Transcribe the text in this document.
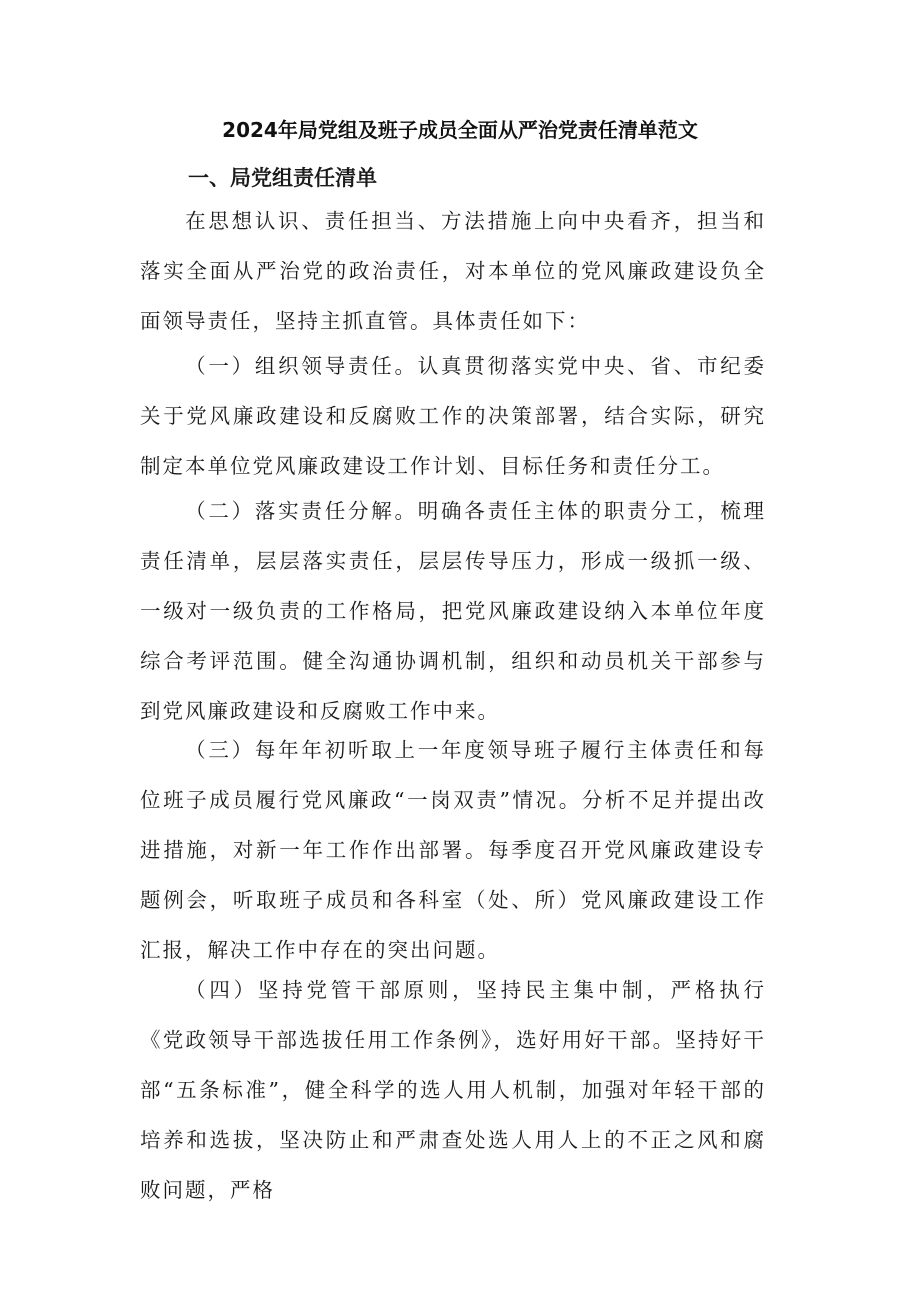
2024年局党组及班子成员全面从严治党责任清单范文
一、局党组责任清单

在思想认识、责任担当、方法措施上向中央看齐，担当和落实全面从严治党的政治责任，对本单位的党风廉政建设负全面领导责任，坚持主抓直管。具体责任如下：

（一）组织领导责任。认真贯彻落实党中央、省、市纪委关于党风廉政建设和反腐败工作的决策部署，结合实际，研究制定本单位党风廉政建设工作计划、目标任务和责任分工。

（二）落实责任分解。明确各责任主体的职责分工，梳理责任清单，层层落实责任，层层传导压力，形成一级抓一级、一级对一级负责的工作格局，把党风廉政建设纳入本单位年度综合考评范围。健全沟通协调机制，组织和动员机关干部参与到党风廉政建设和反腐败工作中来。

（三）每年年初听取上一年度领导班子履行主体责任和每位班子成员履行党风廉政“一岗双责”情况。分析不足并提出改进措施，对新一年工作作出部署。每季度召开党风廉政建设专题例会，听取班子成员和各科室（处、所）党风廉政建设工作汇报，解决工作中存在的突出问题。

（四）坚持党管干部原则，坚持民主集中制，严格执行《党政领导干部选拔任用工作条例》，选好用好干部。坚持好干部“五条标准”，健全科学的选人用人机制，加强对年轻干部的培养和选拔，坚决防止和严肃查处选人用人上的不正之风和腐败问题，严格
